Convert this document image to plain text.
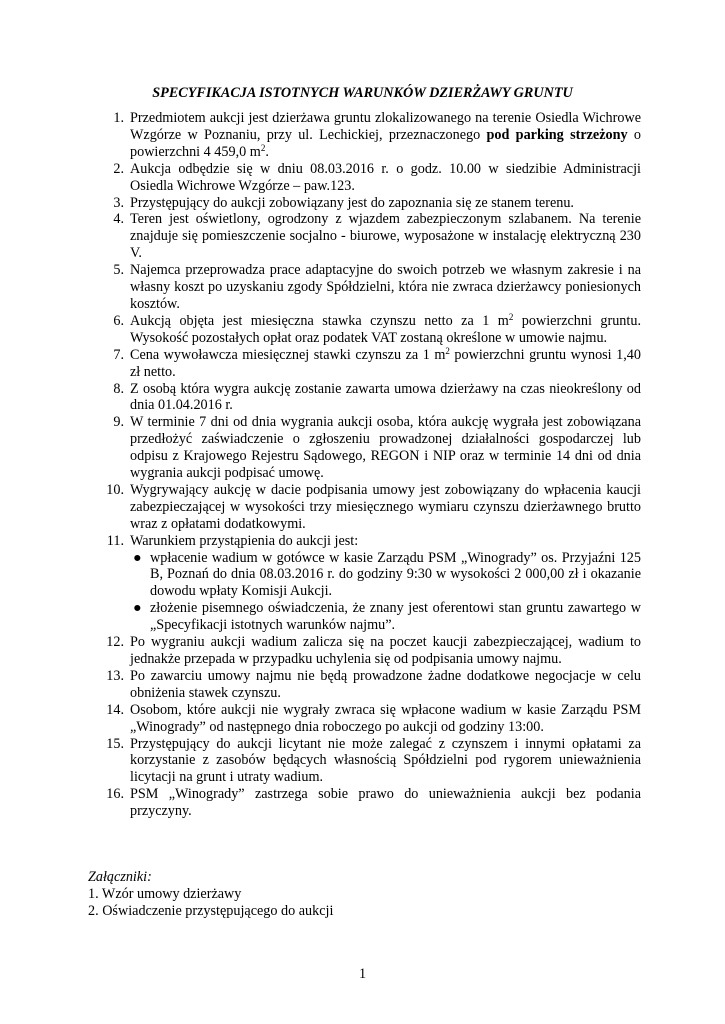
SPECYFIKACJA ISTOTNYCH WARUNKÓW DZIERŻAWY GRUNTU
1. Przedmiotem aukcji jest dzierżawa gruntu zlokalizowanego na terenie Osiedla Wichrowe Wzgórze w Poznaniu, przy ul. Lechickiej, przeznaczonego pod parking strzeżony o powierzchni 4 459,0 $m^2$.
2. Aukcja odbędzie się w dniu 08.03.2016 r. o godz. 10.00 w siedzibie Administracji Osiedla Wichrowe Wzgórze – paw.123.
3. Przystępujący do aukcji zobowiązany jest do zapoznania się ze stanem terenu.
4. Teren jest oświetlony, ogrodzony z wjazdem zabezpieczonym szlabanem. Na terenie znajduje się pomieszczenie socjalno - biurowe, wyposażone w instalację elektryczną 230 V.
5. Najemca przeprowadza prace adaptacyjne do swoich potrzeb we własnym zakresie i na własny koszt po uzyskaniu zgody Spółdzielni, która nie zwraca dzierżawcy poniesionych kosztów.
6. Aukcją objęta jest miesięczna stawka czynszu netto za 1 $m^2$ powierzchni gruntu. Wysokość pozostałych opłat oraz podatek VAT zostaną określone w umowie najmu.
7. Cena wywoławcza miesięcznej stawki czynszu za 1 $m^2$ powierzchni gruntu wynosi 1,40 zł netto.
8. Z osobą która wygra aukcję zostanie zawarta umowa dzierżawy na czas nieokreślony od dnia 01.04.2016 r.
9. W terminie 7 dni od dnia wygrania aukcji osoba, która aukcję wygrała jest zobowiązana przedłożyć zaświadczenie o zgłoszeniu prowadzonej działalności gospodarczej lub odpisu z Krajowego Rejestru Sądowego, REGON i NIP oraz w terminie 14 dni od dnia wygrania aukcji podpisać umowę.
10. Wygrywający aukcję w dacie podpisania umowy jest zobowiązany do wpłacenia kaucji zabezpieczającej w wysokości trzy miesięcznego wymiaru czynszu dzierżawnego brutto wraz z opłatami dodatkowymi.
11. Warunkiem przystąpienia do aukcji jest:
● wpłacenie wadium w gotówce w kasie Zarządu PSM „Winogrady” os. Przyjaźni 125 B, Poznań do dnia 08.03.2016 r. do godziny 9:30 w wysokości 2 000,00 zł i okazanie dowodu wpłaty Komisji Aukcji.
● złożenie pisemnego oświadczenia, że znany jest oferentowi stan gruntu zawartego w „Specyfikacji istotnych warunków najmu”.
12. Po wygraniu aukcji wadium zalicza się na poczet kaucji zabezpieczającej, wadium to jednakże przepada w przypadku uchylenia się od podpisania umowy najmu.
13. Po zawarciu umowy najmu nie będą prowadzone żadne dodatkowe negocjacje w celu obniżenia stawek czynszu.
14. Osobom, które aukcji nie wygrały zwraca się wpłacone wadium w kasie Zarządu PSM „Winogrady” od następnego dnia roboczego po aukcji od godziny 13:00.
15. Przystępujący do aukcji licytant nie może zalegać z czynszem i innymi opłatami za korzystanie z zasobów będących własnością Spółdzielni pod rygorem unieważnienia licytacji na grunt i utraty wadium.
16. PSM „Winogrady” zastrzega sobie prawo do unieważnienia aukcji bez podania przyczyny.
Załączniki:
1. Wzór umowy dzierżawy
2. Oświadczenie przystępującego do aukcji
1
